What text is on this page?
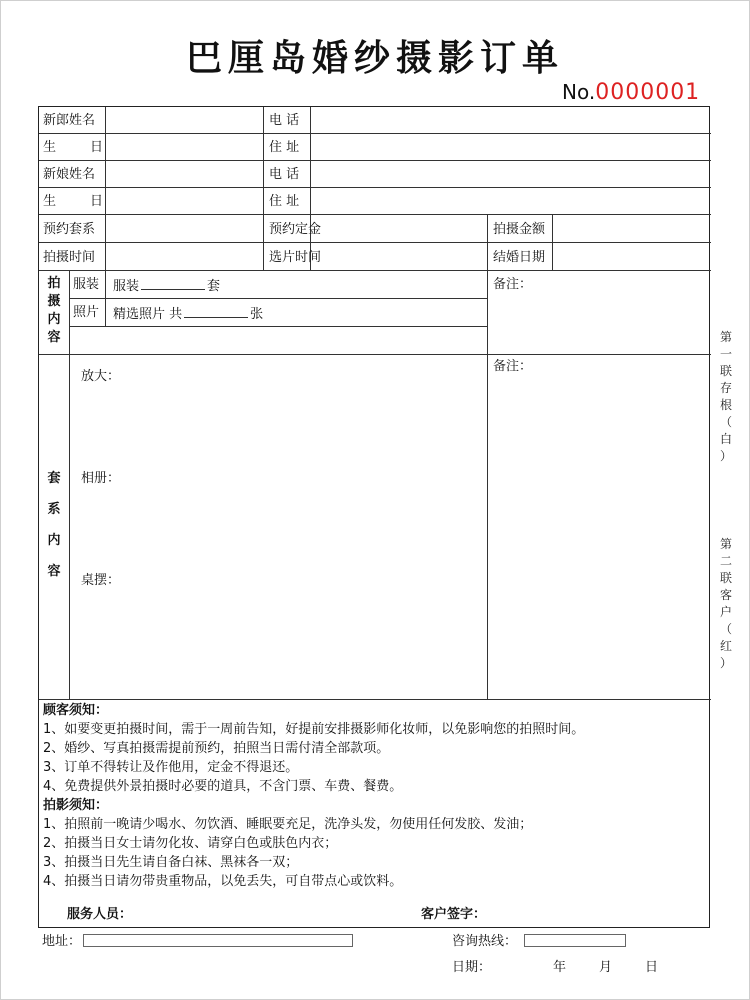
巴厘岛婚纱摄影订单
No.0000001
新郎姓名	电 话
生 日	住 址
新娘姓名	电 话
生 日	住 址
预约套系	预约定金	拍摄金额
拍摄时间	选片时间	结婚日期
拍
摄
内
容
服装 服装	套
照片 精选照片 共	张
备注：
套
系
内
容
放大：
相册：
桌摆：
备注：
顾客须知：
1、如要变更拍摄时间，需于一周前告知，好提前安排摄影师化妆师，以免影响您的拍照时间。
2、婚纱、写真拍摄需提前预约，拍照当日需付清全部款项。
3、订单不得转让及作他用，定金不得退还。
4、免费提供外景拍摄时必要的道具，不含门票、车费、餐费。
拍影须知：
1、拍照前一晚请少喝水、勿饮酒、睡眠要充足，洗净头发，勿使用任何发胶、发油；
2、拍摄当日女士请勿化妆、请穿白色或肤色内衣；
3、拍摄当日先生请自备白袜、黑袜各一双；
4、拍摄当日请勿带贵重物品，以免丢失，可自带点心或饮料。
服务人员：	客户签字：
地址：	咨询热线：
日期：	年	月	日
第
一
联
存
根
（
白
）
第
二
联
客
户
（
红
）
